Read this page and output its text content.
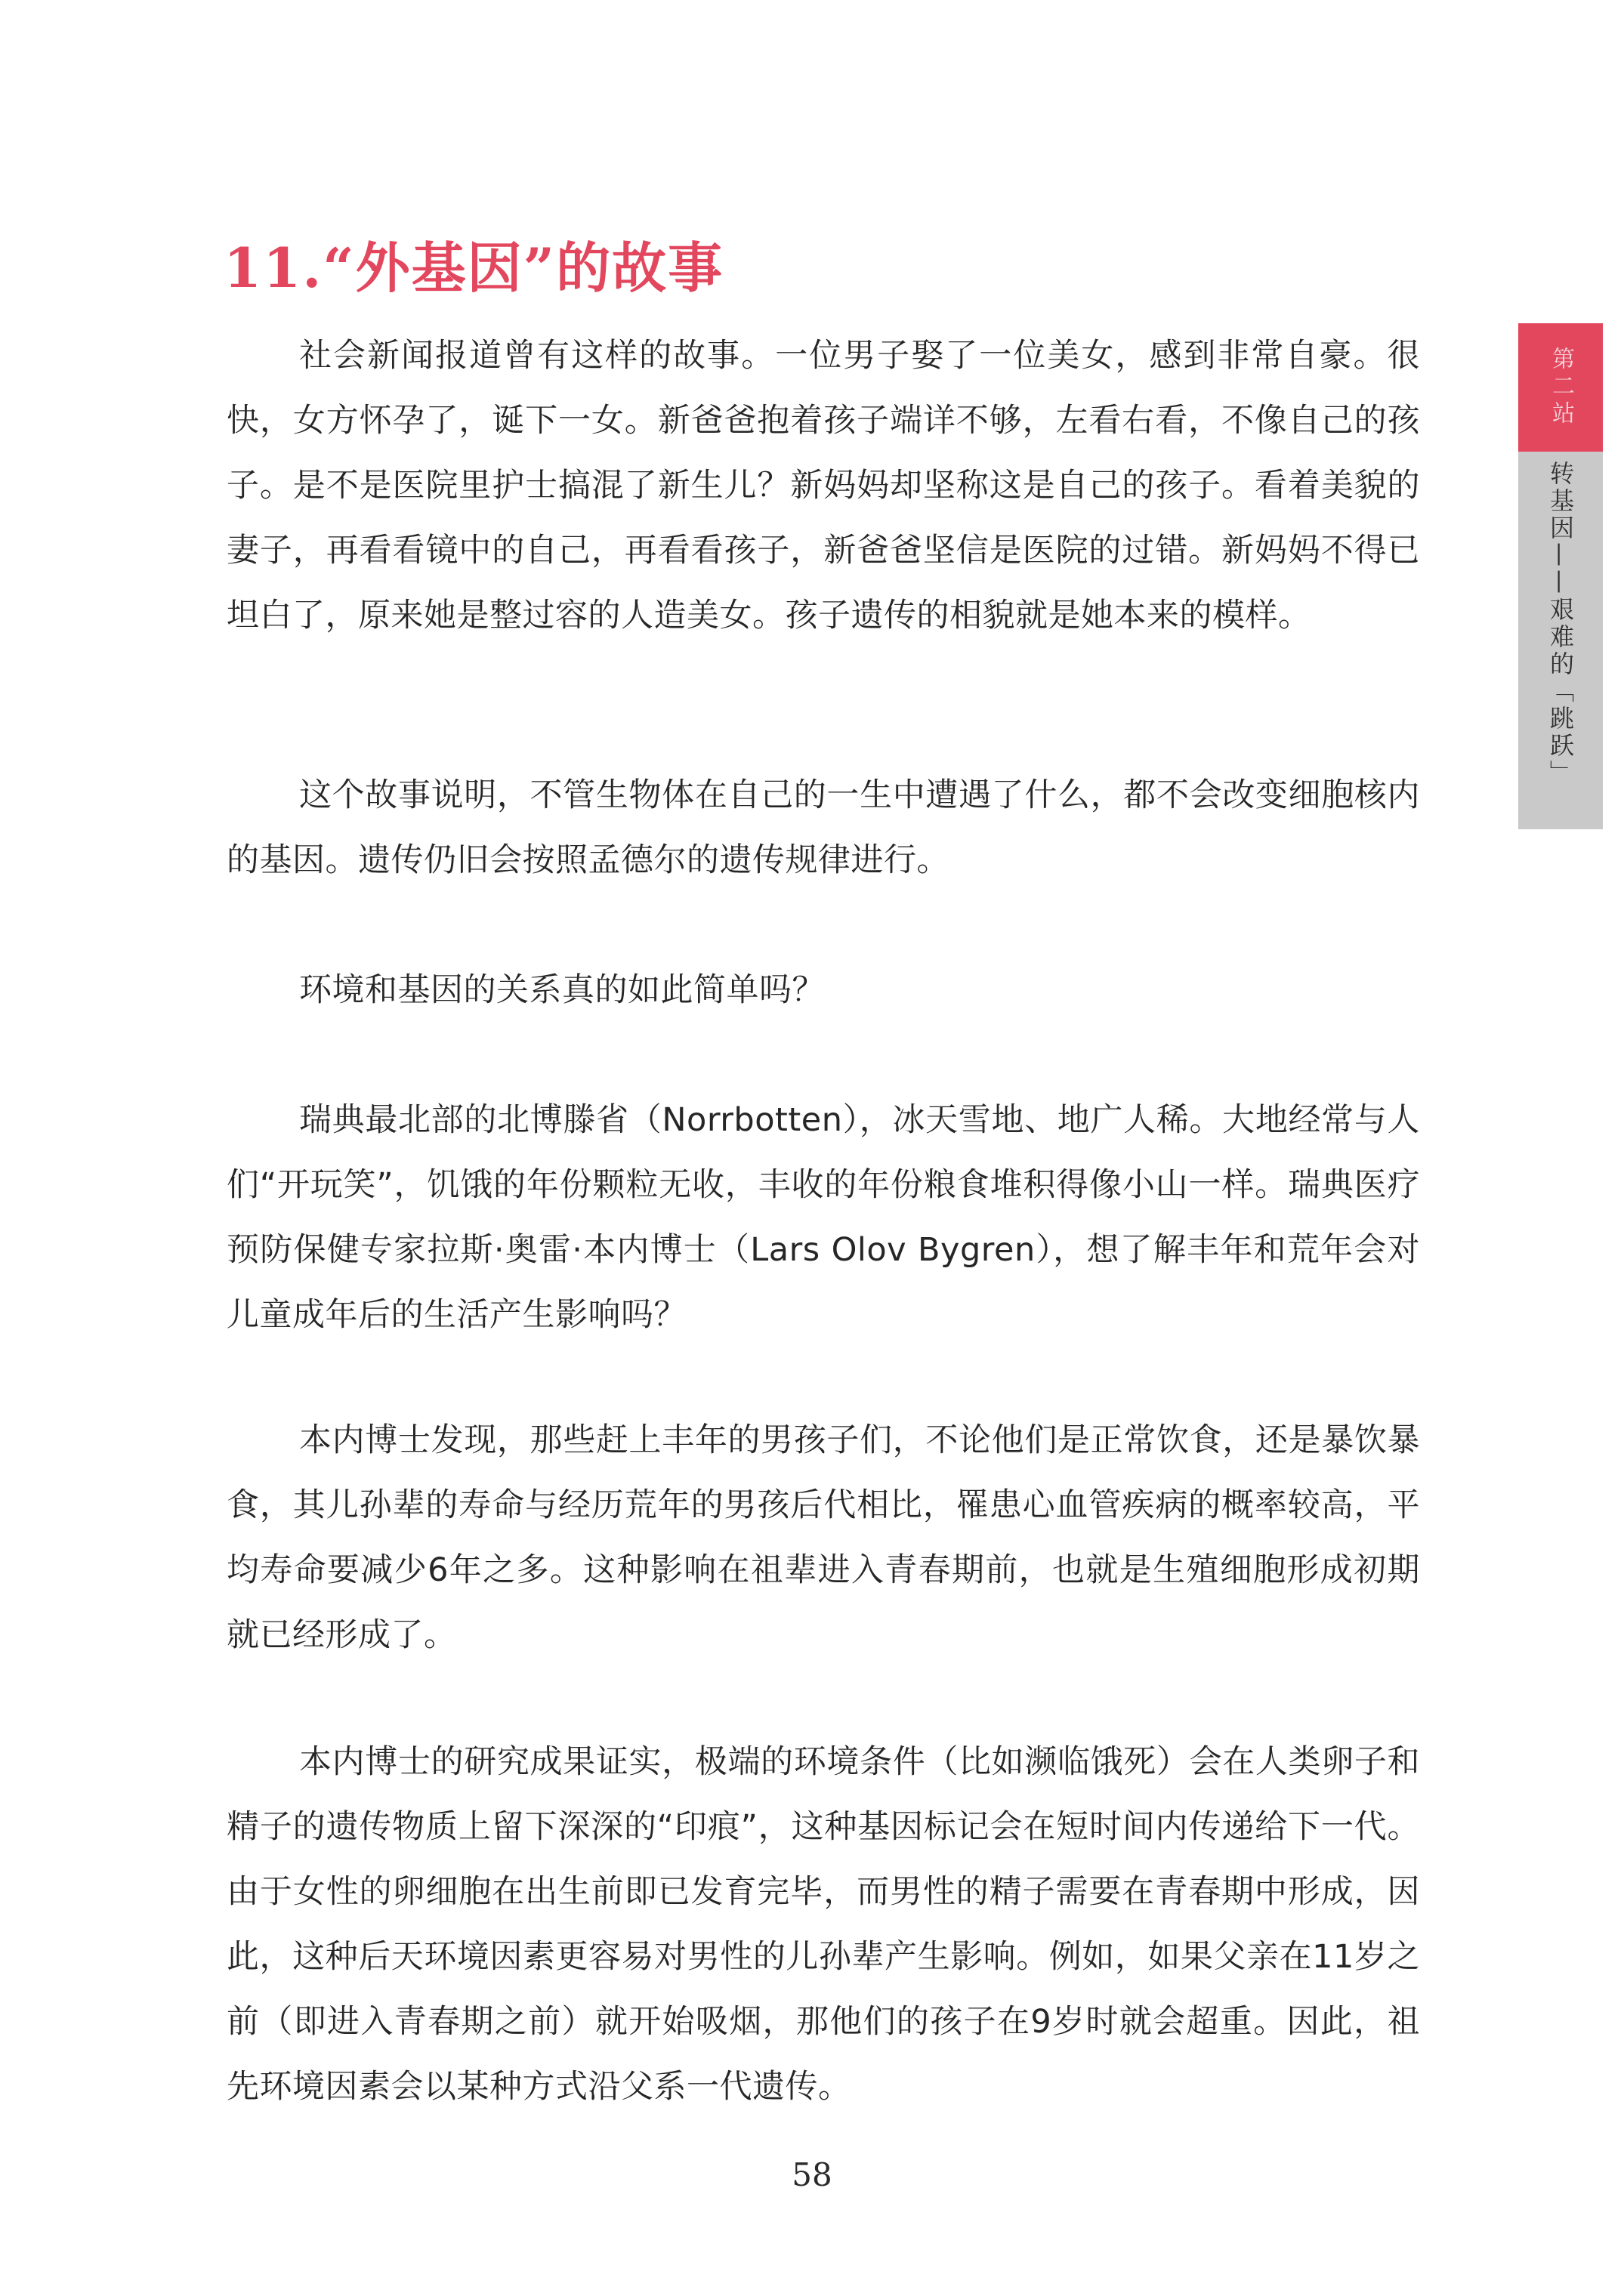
11.“外基因”的故事

社会新闻报道曾有这样的故事。一位男子娶了一位美女，感到非常自豪。很快，女方怀孕了，诞下一女。新爸爸抱着孩子端详不够，左看右看，不像自己的孩子。是不是医院里护士搞混了新生儿？新妈妈却坚称这是自己的孩子。看着美貌的妻子，再看看镜中的自己，再看看孩子，新爸爸坚信是医院的过错。新妈妈不得已坦白了，原来她是整过容的人造美女。孩子遗传的相貌就是她本来的模样。

这个故事说明，不管生物体在自己的一生中遭遇了什么，都不会改变细胞核内的基因。遗传仍旧会按照孟德尔的遗传规律进行。

环境和基因的关系真的如此简单吗？

瑞典最北部的北博滕省（Norrbotten），冰天雪地、地广人稀。大地经常与人们“开玩笑”，饥饿的年份颗粒无收，丰收的年份粮食堆积得像小山一样。瑞典医疗预防保健专家拉斯·奥雷·本内博士（Lars Olov Bygren），想了解丰年和荒年会对儿童成年后的生活产生影响吗？

本内博士发现，那些赶上丰年的男孩子们，不论他们是正常饮食，还是暴饮暴食，其儿孙辈的寿命与经历荒年的男孩后代相比，罹患心血管疾病的概率较高，平均寿命要减少6年之多。这种影响在祖辈进入青春期前，也就是生殖细胞形成初期就已经形成了。

本内博士的研究成果证实，极端的环境条件（比如濒临饿死）会在人类卵子和精子的遗传物质上留下深深的“印痕”，这种基因标记会在短时间内传递给下一代。由于女性的卵细胞在出生前即已发育完毕，而男性的精子需要在青春期中形成，因此，这种后天环境因素更容易对男性的儿孙辈产生影响。例如，如果父亲在11岁之前（即进入青春期之前）就开始吸烟，那他们的孩子在9岁时就会超重。因此，祖先环境因素会以某种方式沿父系一代遗传。

第二站
转基因——艰难的「跳跃」
58
